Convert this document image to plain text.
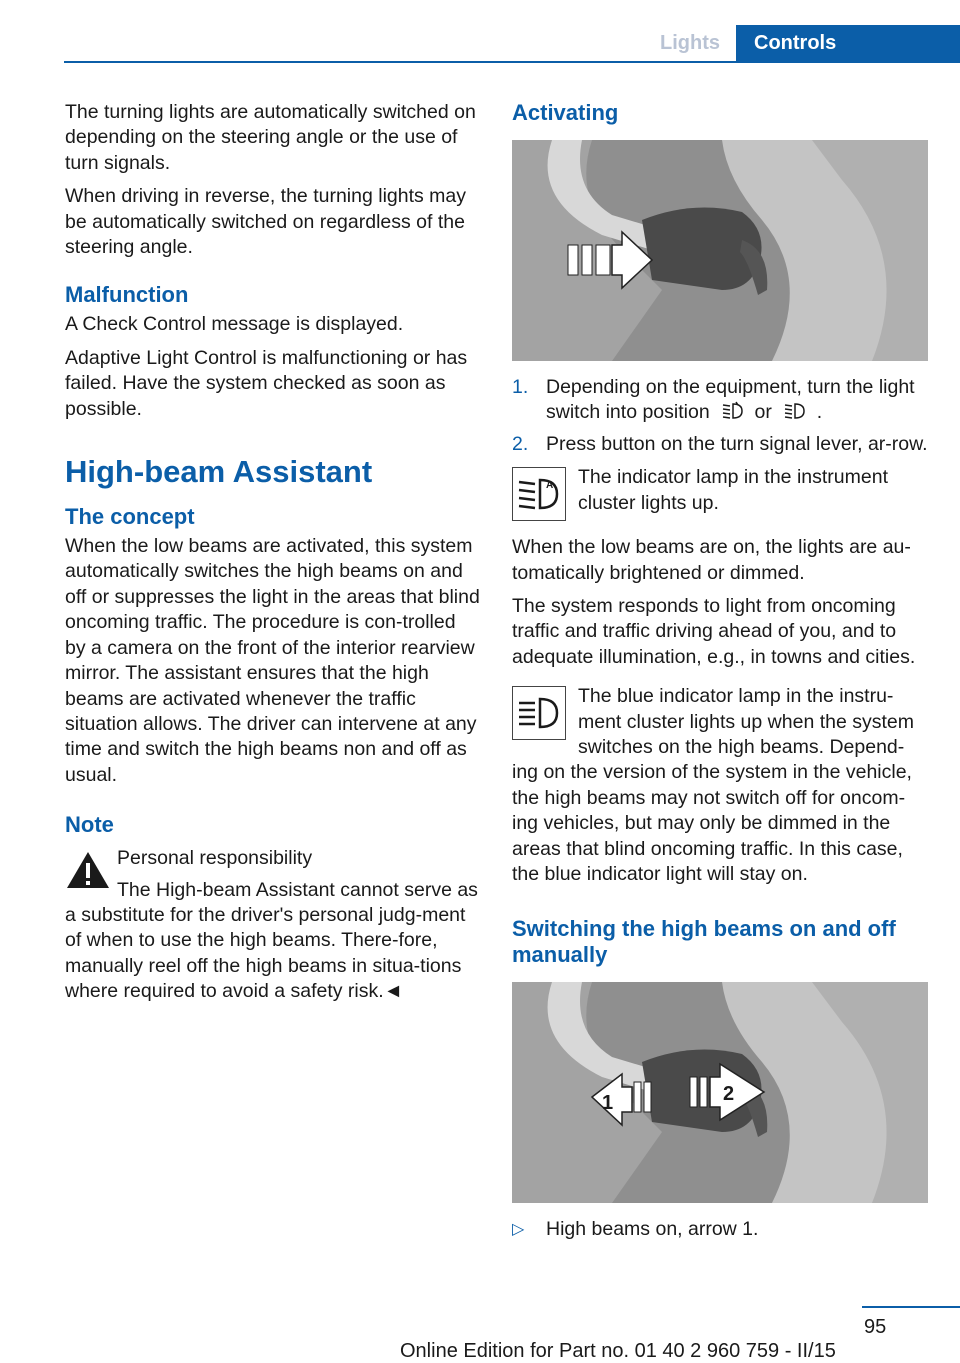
Lights	Controls

The turning lights are automatically switched on depending on the steering angle or the use of turn signals.

When driving in reverse, the turning lights may be automatically switched on regardless of the steering angle.

Malfunction

A Check Control message is displayed.

Adaptive Light Control is malfunctioning or has failed. Have the system checked as soon as possible.

High-beam Assistant
The concept

When the low beams are activated, this system automatically switches the high beams on and off or suppresses the light in the areas that blind oncoming traffic. The procedure is con-trolled by a camera on the front of the interior rearview mirror. The assistant ensures that the high beams are activated whenever the traffic situation allows. The driver can intervene at any time and switch the high beams non and off as usual.

Note

Personal responsibility

The High-beam Assistant cannot serve as a substitute for the driver's personal judg-ment of when to use the high beams. There-fore, manually reel off the high beams in situa-tions where required to avoid a safety risk.◄

Activating
1. Depending on the equipment, turn the light switch into position or .
2. Press button on the turn signal lever, ar-row.
A	The indicator lamp in the instrument cluster lights up.

When the low beams are on, the lights are au-tomatically brightened or dimmed.

The system responds to light from oncoming traffic and traffic driving ahead of you, and to adequate illumination, e.g., in towns and cities.

The blue indicator lamp in the instru-ment cluster lights up when the system switches on the high beams. Depend-ing on the version of the system in the vehicle, the high beams may not switch off for oncom-ing vehicles, but may only be dimmed in the areas that blind oncoming traffic. In this case, the blue indicator light will stay on.

Switching the high beams on and off manually
1	2
▷ High beams on, arrow 1.
95
Online Edition for Part no. 01 40 2 960 759 - II/15
